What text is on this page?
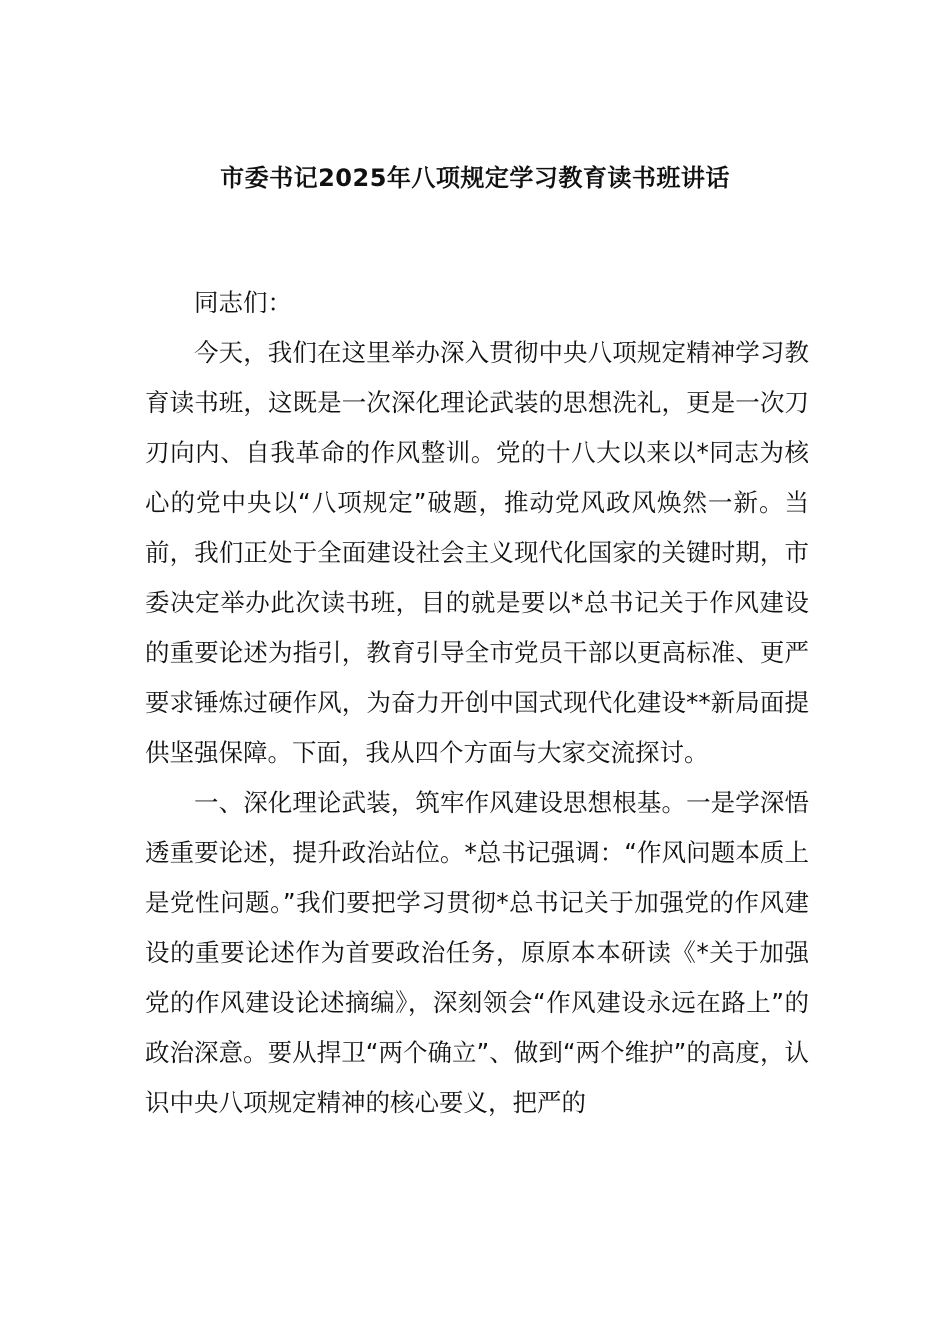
市委书记2025年八项规定学习教育读书班讲话

同志们：

今天，我们在这里举办深入贯彻中央八项规定精神学习教育读书班，这既是一次深化理论武装的思想洗礼，更是一次刀刃向内、自我革命的作风整训。党的十八大以来以*同志为核心的党中央以“八项规定”破题，推动党风政风焕然一新。当前，我们正处于全面建设社会主义现代化国家的关键时期，市委决定举办此次读书班，目的就是要以*总书记关于作风建设的重要论述为指引，教育引导全市党员干部以更高标准、更严要求锤炼过硬作风，为奋力开创中国式现代化建设**新局面提供坚强保障。下面，我从四个方面与大家交流探讨。

一、深化理论武装，筑牢作风建设思想根基。一是学深悟透重要论述，提升政治站位。*总书记强调：“作风问题本质上是党性问题。”我们要把学习贯彻*总书记关于加强党的作风建设的重要论述作为首要政治任务，原原本本研读《*关于加强党的作风建设论述摘编》，深刻领会“作风建设永远在路上”的政治深意。要从捍卫“两个确立”、做到“两个维护”的高度，认识中央八项规定精神的核心要义，把严的
